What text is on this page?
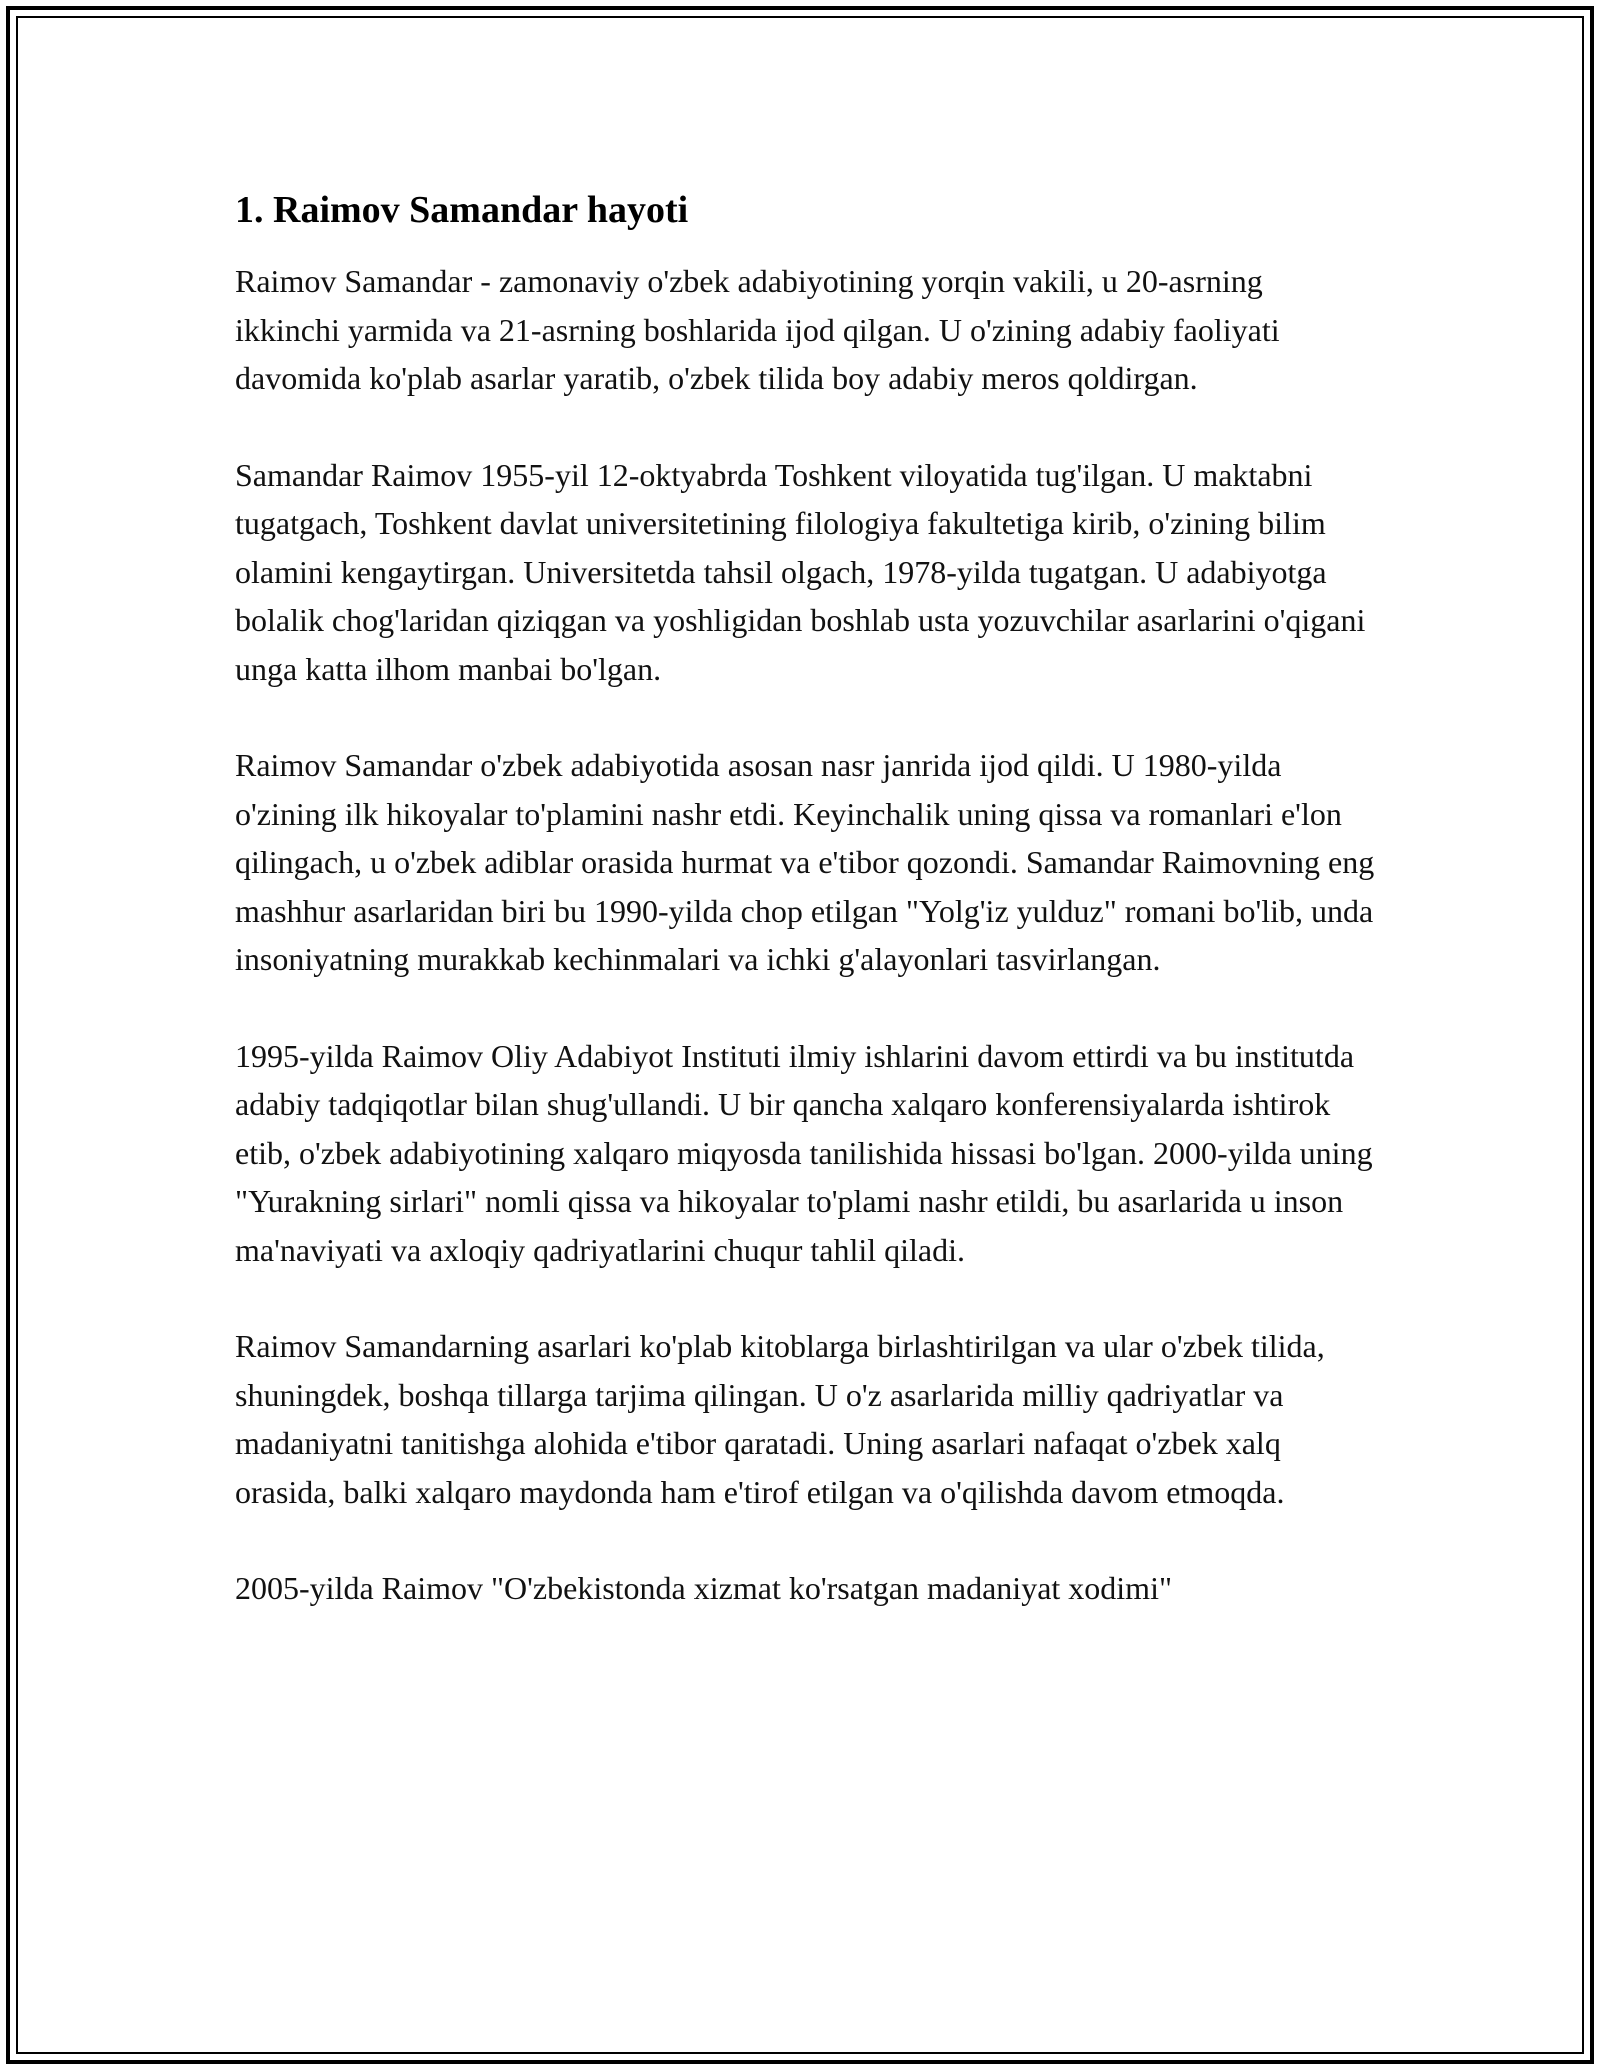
1. Raimov Samandar hayoti

Raimov Samandar - zamonaviy o'zbek adabiyotining yorqin vakili, u 20-asrning ikkinchi yarmida va 21-asrning boshlarida ijod qilgan. U o'zining adabiy faoliyati davomida ko'plab asarlar yaratib, o'zbek tilida boy adabiy meros qoldirgan.

Samandar Raimov 1955-yil 12-oktyabrda Toshkent viloyatida tug'ilgan. U maktabni tugatgach, Toshkent davlat universitetining filologiya fakultetiga kirib, o'zining bilim olamini kengaytirgan. Universitetda tahsil olgach, 1978-yilda tugatgan. U adabiyotga bolalik chog'laridan qiziqgan va yoshligidan boshlab usta yozuvchilar asarlarini o'qigani unga katta ilhom manbai bo'lgan.

Raimov Samandar o'zbek adabiyotida asosan nasr janrida ijod qildi. U 1980-yilda o'zining ilk hikoyalar to'plamini nashr etdi. Keyinchalik uning qissa va romanlari e'lon qilingach, u o'zbek adiblar orasida hurmat va e'tibor qozondi. Samandar Raimovning eng mashhur asarlaridan biri bu 1990-yilda chop etilgan "Yolg'iz yulduz" romani bo'lib, unda insoniyatning murakkab kechinmalari va ichki g'alayonlari tasvirlangan.

1995-yilda Raimov Oliy Adabiyot Instituti ilmiy ishlarini davom ettirdi va bu institutda adabiy tadqiqotlar bilan shug'ullandi. U bir qancha xalqaro konferensiyalarda ishtirok etib, o'zbek adabiyotining xalqaro miqyosda tanilishida hissasi bo'lgan. 2000-yilda uning "Yurakning sirlari" nomli qissa va hikoyalar to'plami nashr etildi, bu asarlarida u inson ma'naviyati va axloqiy qadriyatlarini chuqur tahlil qiladi.

Raimov Samandarning asarlari ko'plab kitoblarga birlashtirilgan va ular o'zbek tilida, shuningdek, boshqa tillarga tarjima qilingan. U o'z asarlarida milliy qadriyatlar va madaniyatni tanitishga alohida e'tibor qaratadi. Uning asarlari nafaqat o'zbek xalq orasida, balki xalqaro maydonda ham e'tirof etilgan va o'qilishda davom etmoqda.

2005-yilda Raimov "O'zbekistonda xizmat ko'rsatgan madaniyat xodimi"
